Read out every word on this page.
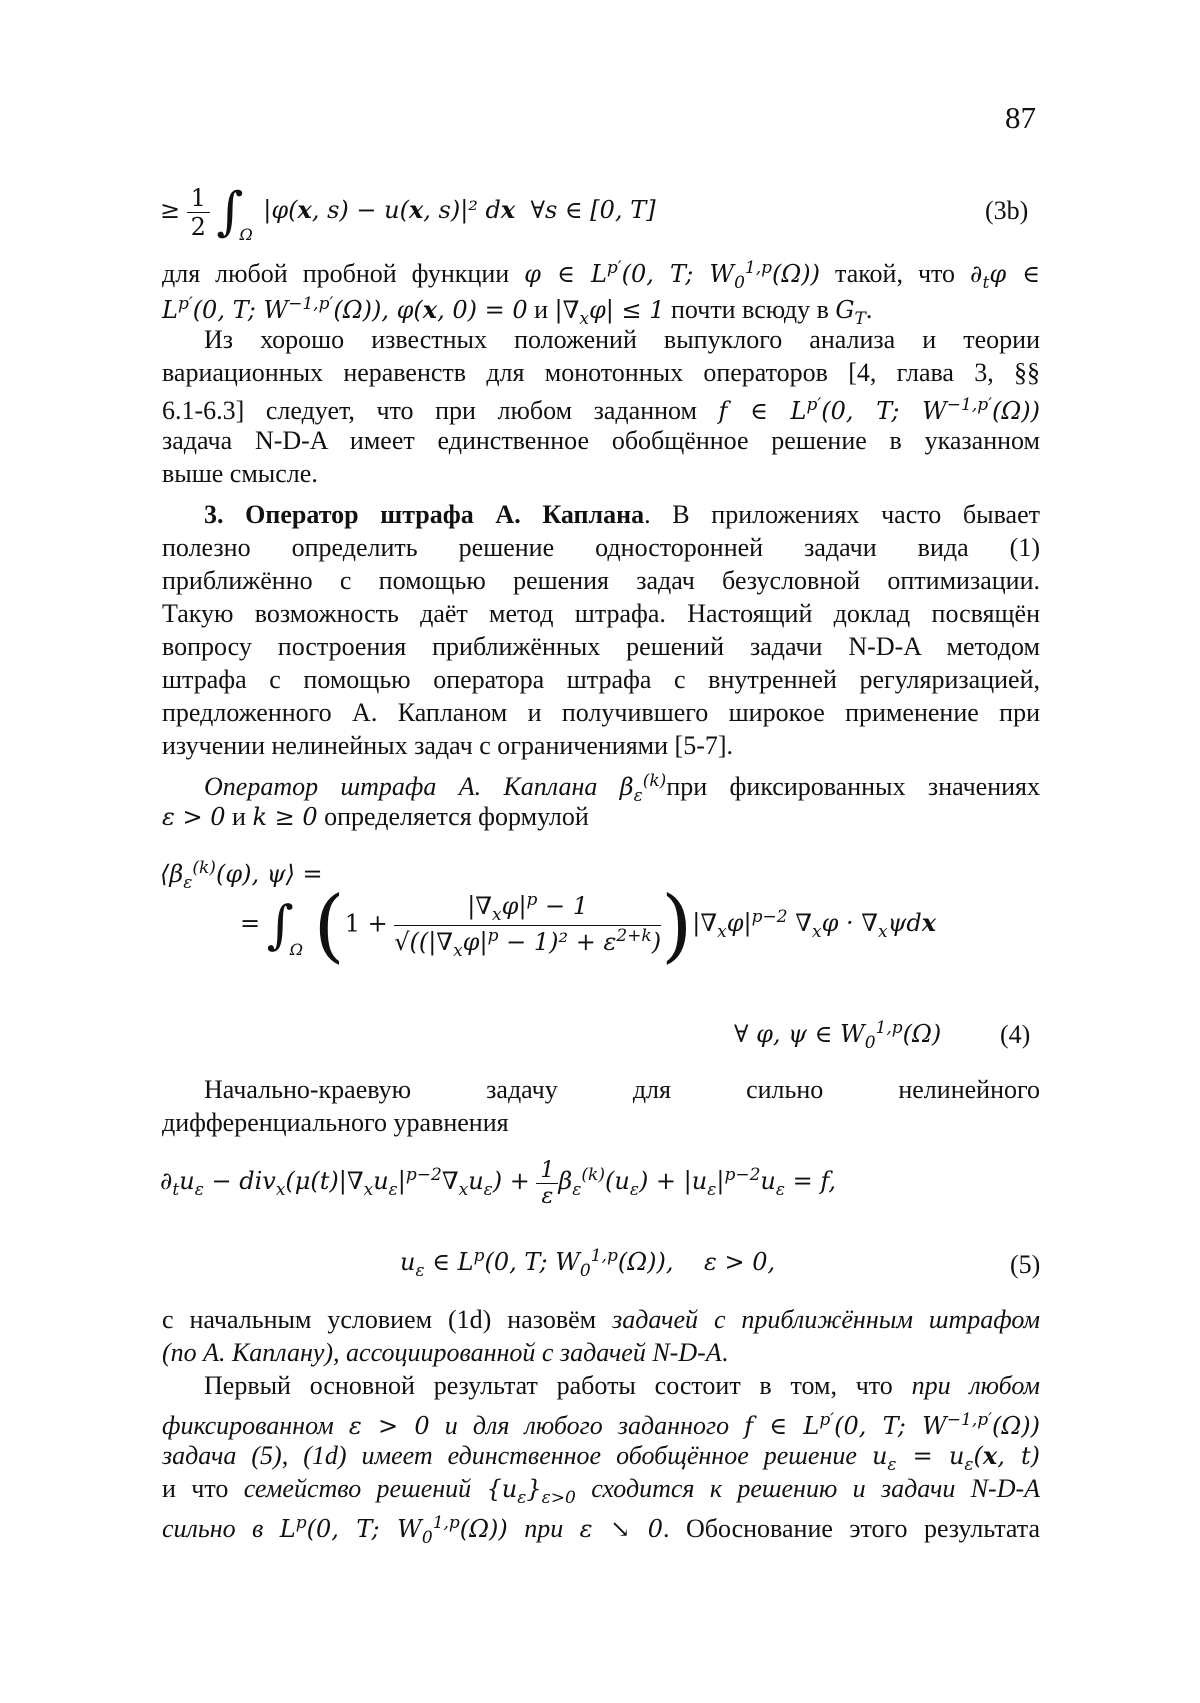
87
≥ $\frac{1}{2} \int_\Omega$ |φ(x, s) − u(x, s)|² dx  ∀s ∈ [0, T]	(3b)
для любой пробной функции φ ∈ $L^{p'}(0$, T; $W_0^{1,p}(\Omega)$) такой, что $\partial_t\varphi$ ∈
$L^{p'}(0$, T; $W^{-1,p'}(\Omega)$), φ(x, 0) = 0 и $|\nabla_x\varphi| \le 1$ почти всюду в $G_T$.
Из хорошо известных положений выпуклого анализа и теории
вариационных неравенств для монотонных операторов [4, глава 3, §§
6.1-6.3] следует, что при любом заданном f ∈ $L^{p'}(0$, T; $W^{-1,p'}(\Omega)$)
задача N-D-A имеет единственное обобщённое решение в указанном
выше смысле.
3. Оператор штрафа А. Каплана. В приложениях часто бывает
полезно определить решение односторонней задачи вида (1)
приближённо с помощью решения задач безусловной оптимизации.
Такую возможность даёт метод штрафа. Настоящий доклад посвящён
вопросу построения приближённых решений задачи N-D-A методом
штрафа с помощью оператора штрафа с внутренней регуляризацией,
предложенного А. Капланом и получившего широкое применение при
изучении нелинейных задач с ограничениями [5-7].
Оператор штрафа А. Каплана $\beta_\varepsilon^{(k)}при$ фиксированных значениях
ε > 0 и k ≥ 0 определяется формулой
$⟨\beta_\varepsilon^{(k)}(\varphi)$, ψ⟩ =
= $\int_\Omega$ $(1 + \frac{|\nabla_x\varphi|^p - 1}{√((|\nabla_x\varphi|^p - 1)^2 + \varepsilon^{2+k})} )|\nabla_x\varphi|^{p-2}$ $\nabla_x\varphi \cdot \nabla_x\psi dx$
∀ φ, ψ ∈ $W_0^{1,p}(\Omega)$ (4)
Начально-краевую задачу для сильно нелинейного
дифференциального уравнения
$\partial_tu_\varepsilon - div_x(\mu(t)|\nabla_xu_\varepsilon|^{p-2}\nabla_xu_\varepsilon) + \frac{1}{\varepsilon} \beta_\varepsilon^{(k)}(u_\varepsilon) + |u_\varepsilon|^{p-2}u_\varepsilon = f$,
$u_\varepsilon$ ∈ $L^p(0$, T; $W_0^{1,p}(\Omega)$),    ε > 0,	(5)
с начальным условием (1d) назовём задачей с приближённым штрафом
(по А. Каплану), ассоциированной с задачей N-D-A.
Первый основной результат работы состоит в том, что при любом
фиксированном ε > 0 и для любого заданного f ∈ $L^{p'}(0$, T; $W^{-1,p'}(\Omega)$)
задача (5), (1d) имеет единственное обобщённое решение $u_\varepsilon = u_\varepsilon(x$, t)
и что семейство решений $\{u_\varepsilon\}_{\varepsilon>0}$ сходится к решению u задачи N-D-A
сильно в $L^p(0$, T; $W_0^{1,p}(\Omega)$) при ε ↘ 0. Обоснование этого результата
